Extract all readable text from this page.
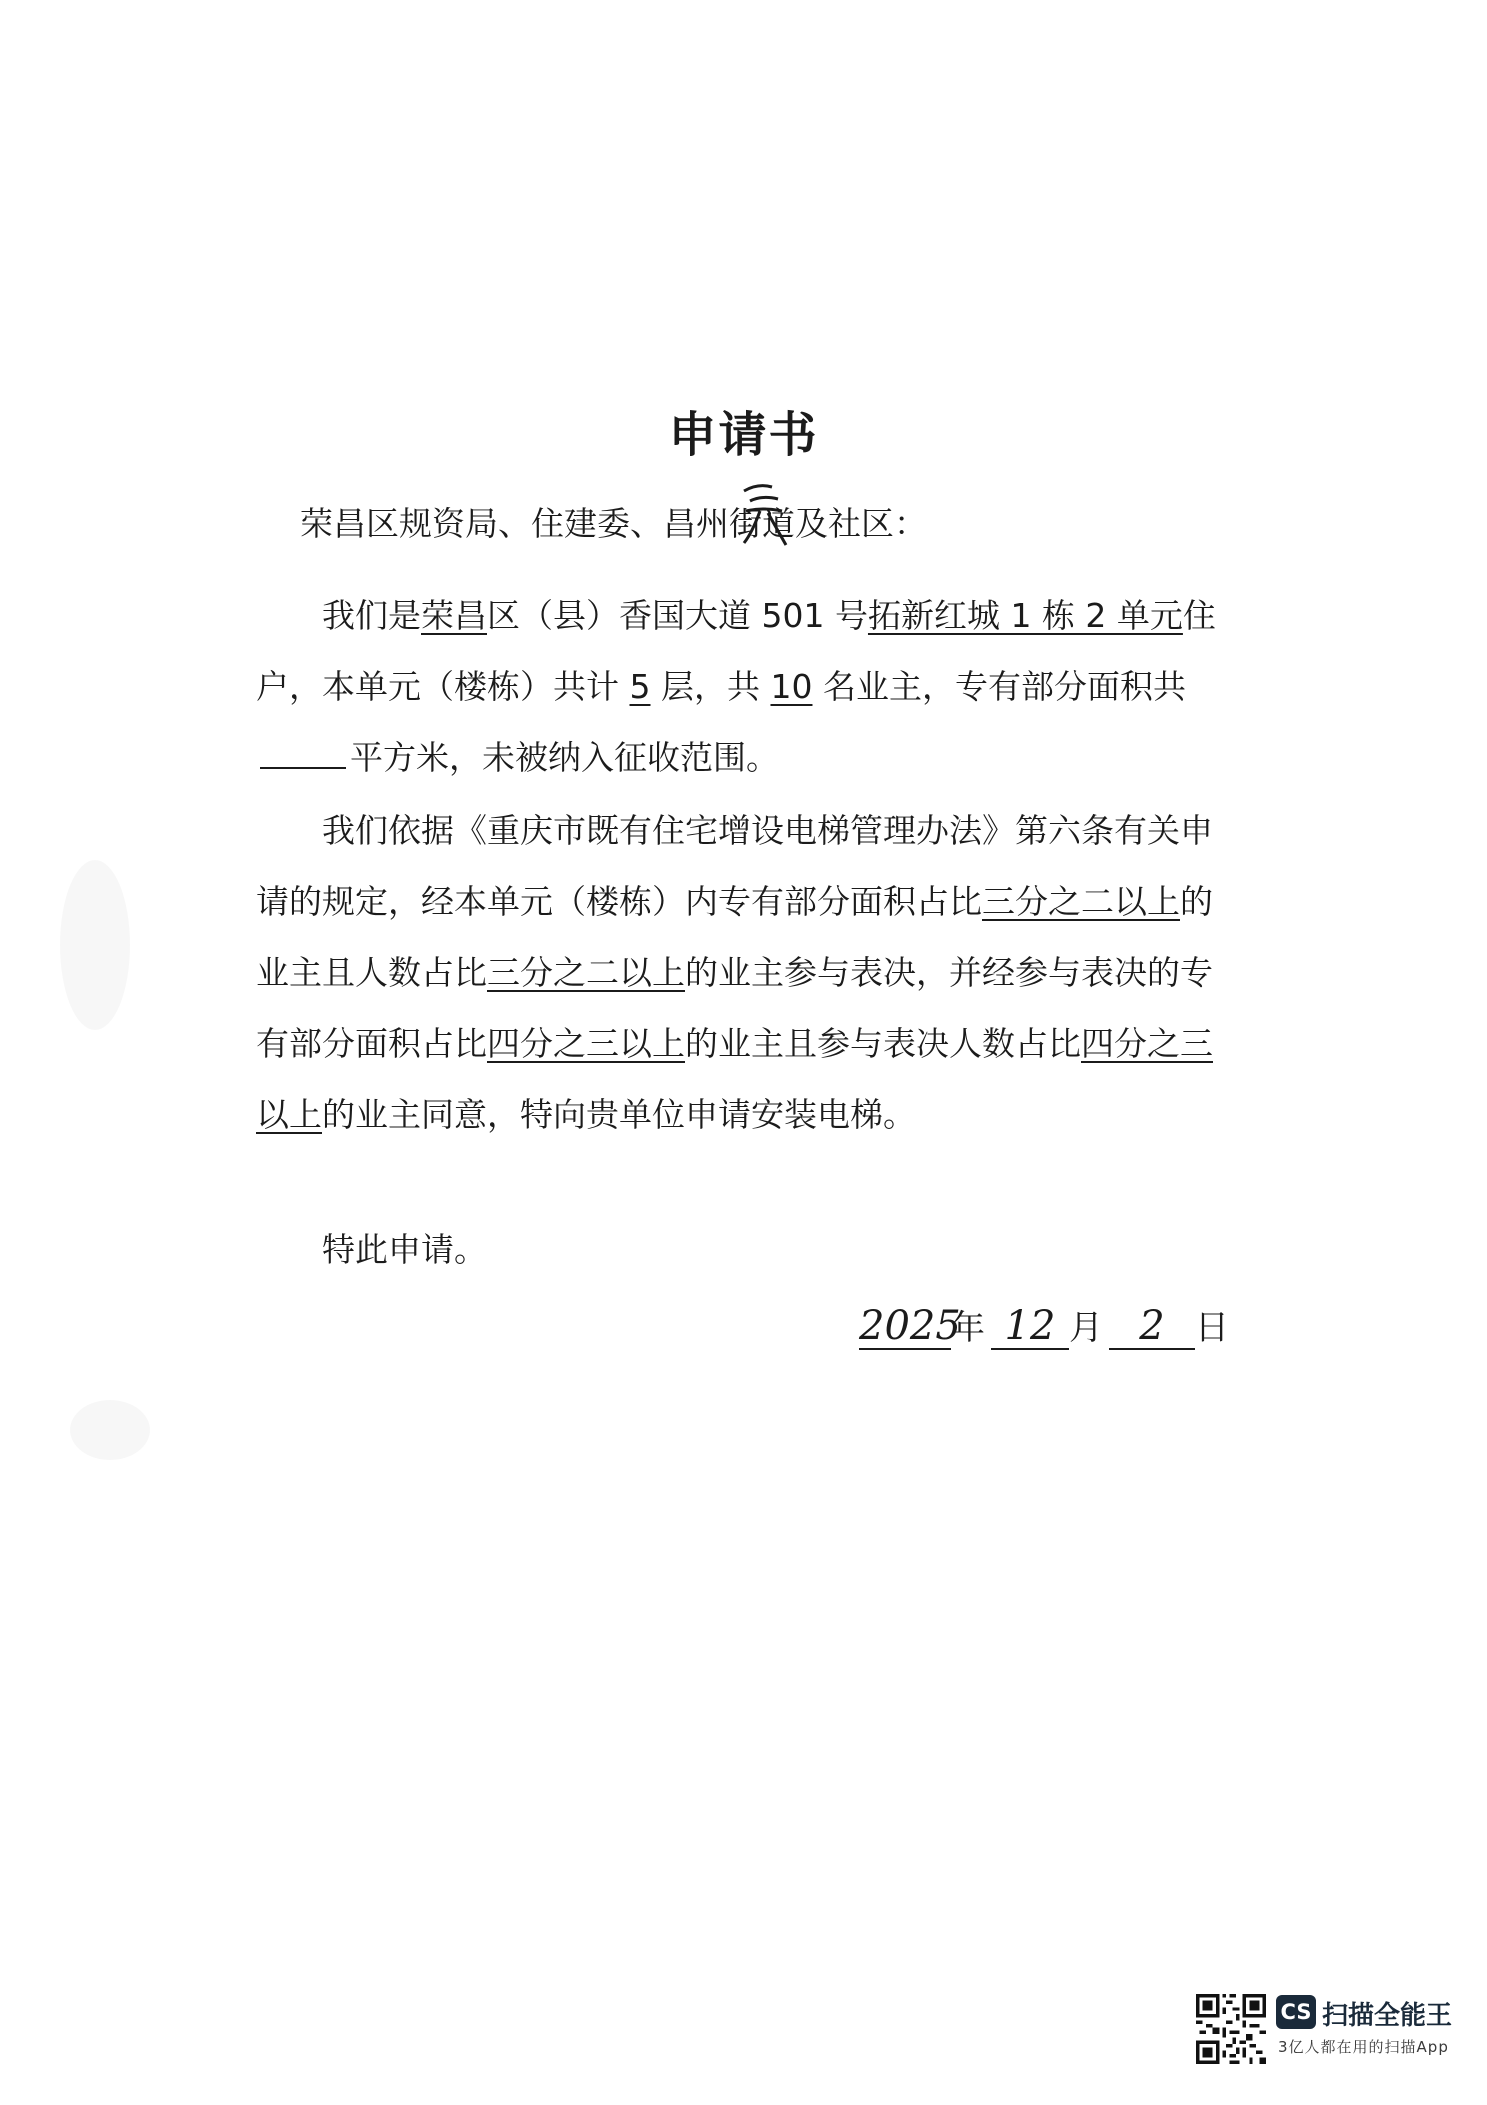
申请书
荣昌区规资局、住建委、昌州街道及社区：
我们是荣昌区（县）香国大道 501 号拓新红城 1 栋 2 单元住户，本单元（楼栋）共计 5 层，共 10 名业主，专有部分面积共平方米，未被纳入征收范围。
我们依据《重庆市既有住宅增设电梯管理办法》第六条有关申请的规定，经本单元（楼栋）内专有部分面积占比三分之二以上的业主且人数占比三分之二以上的业主参与表决，并经参与表决的专有部分面积占比四分之三以上的业主且参与表决人数占比四分之三以上的业主同意，特向贵单位申请安装电梯。
特此申请。
2025年 12 月 2 日
CS 扫描全能王
3亿人都在用的扫描App
